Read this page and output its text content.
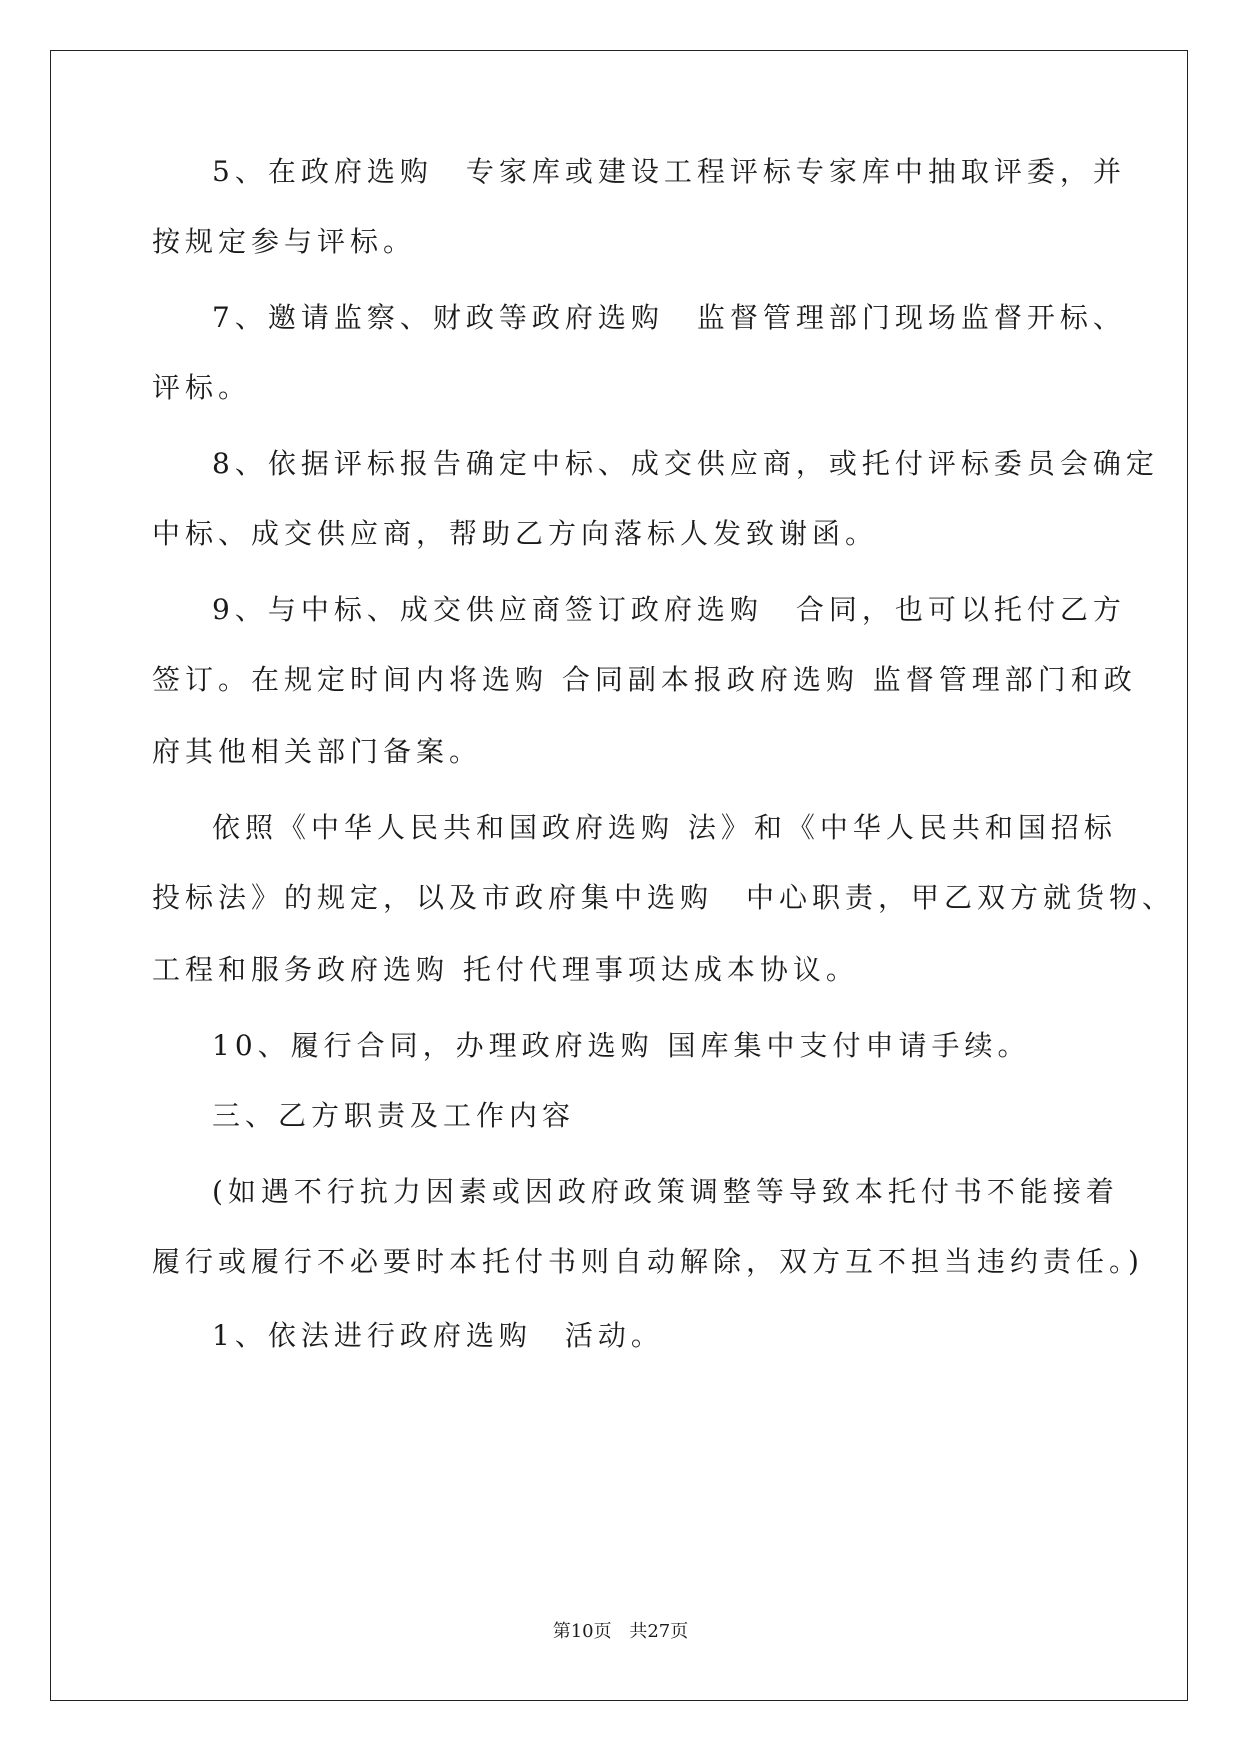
5、在政府选购　专家库或建设工程评标专家库中抽取评委，并
按规定参与评标。
7、邀请监察、财政等政府选购　监督管理部门现场监督开标、
评标。
8、依据评标报告确定中标、成交供应商，或托付评标委员会确定
中标、成交供应商，帮助乙方向落标人发致谢函。
9、与中标、成交供应商签订政府选购　合同，也可以托付乙方
签订。在规定时间内将选购 合同副本报政府选购 监督管理部门和政
府其他相关部门备案。
依照《中华人民共和国政府选购 法》和《中华人民共和国招标
投标法》的规定，以及市政府集中选购　中心职责，甲乙双方就货物、
工程和服务政府选购 托付代理事项达成本协议。
10、履行合同，办理政府选购 国库集中支付申请手续。
三、乙方职责及工作内容
(如遇不行抗力因素或因政府政策调整等导致本托付书不能接着
履行或履行不必要时本托付书则自动解除，双方互不担当违约责任。)
1、依法进行政府选购　活动。
第10页 共27页
